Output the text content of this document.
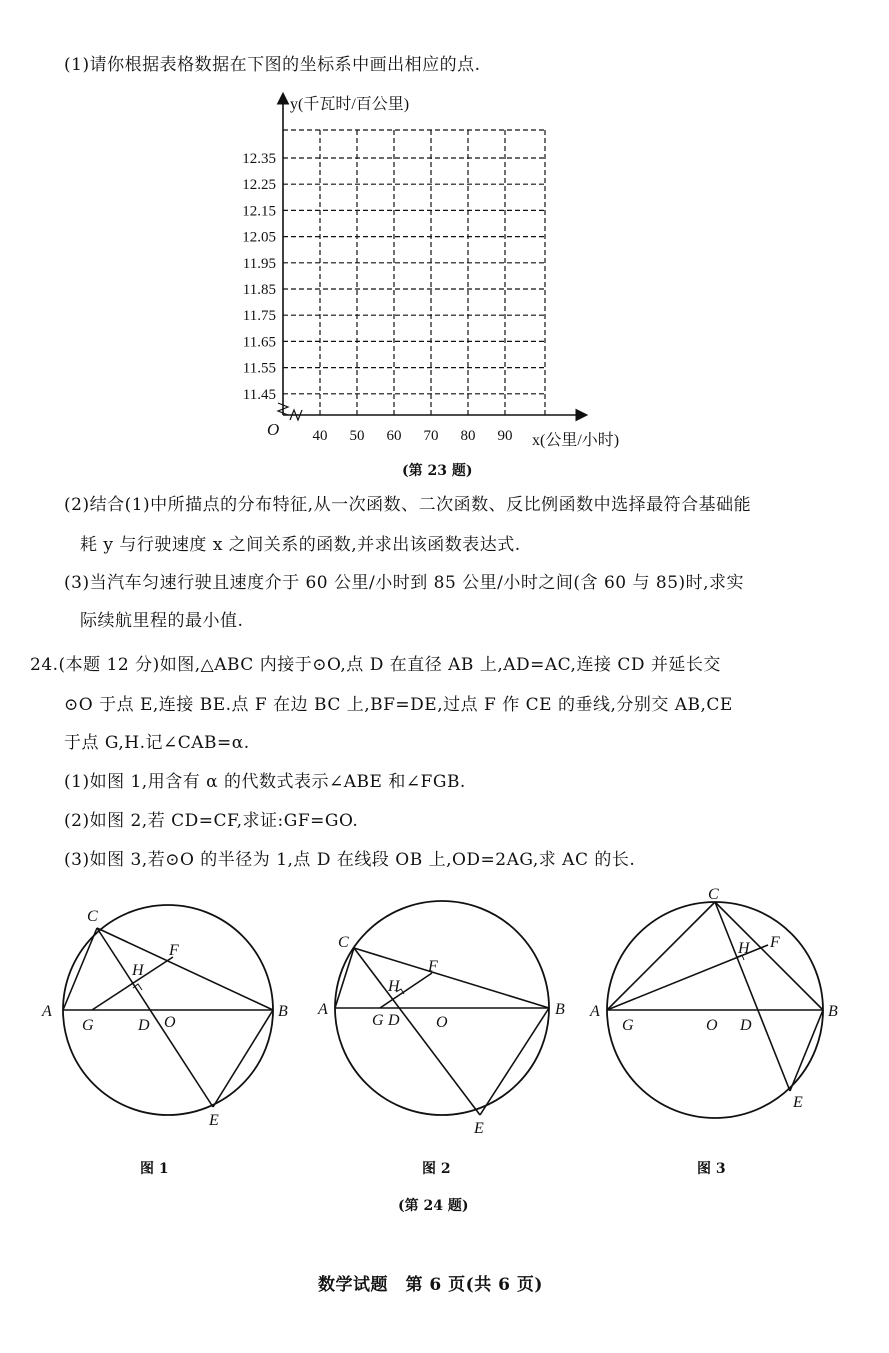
(1)请你根据表格数据在下图的坐标系中画出相应的点.
12.35
12.25
12.15
12.05
11.95
11.85
11.75
11.65
11.55
11.45
40 50 60 70 80 90
y(千瓦时/百公里)
x(公里/小时)
O
(第 23 题)
(2)结合(1)中所描点的分布特征,从一次函数、二次函数、反比例函数中选择最符合基础能
耗 y 与行驶速度 x 之间关系的函数,并求出该函数表达式.
(3)当汽车匀速行驶且速度介于 60 公里/小时到 85 公里/小时之间(含 60 与 85)时,求实
际续航里程的最小值.
24.(本题 12 分)如图,△ABC 内接于⊙O,点 D 在直径 AB 上,AD=AC,连接 CD 并延长交
⊙O 于点 E,连接 BE.点 F 在边 BC 上,BF=DE,过点 F 作 CE 的垂线,分别交 AB,CE
于点 G,H.记∠CAB=α.
(1)如图 1,用含有 α 的代数式表示∠ABE 和∠FGB.
(2)如图 2,若 CD=CF,求证:GF=GO.
(3)如图 3,若⊙O 的半径为 1,点 D 在线段 OB 上,OD=2AG,求 AC 的长.
A	B
C
D
E
F
G
H
O
图 1
A	B
C
D
E
F
G
H
O
图 2
A	B
C
D
E
F
G
H
O
图 3
(第 24 题)
数学试题　第 6 页(共 6 页)
